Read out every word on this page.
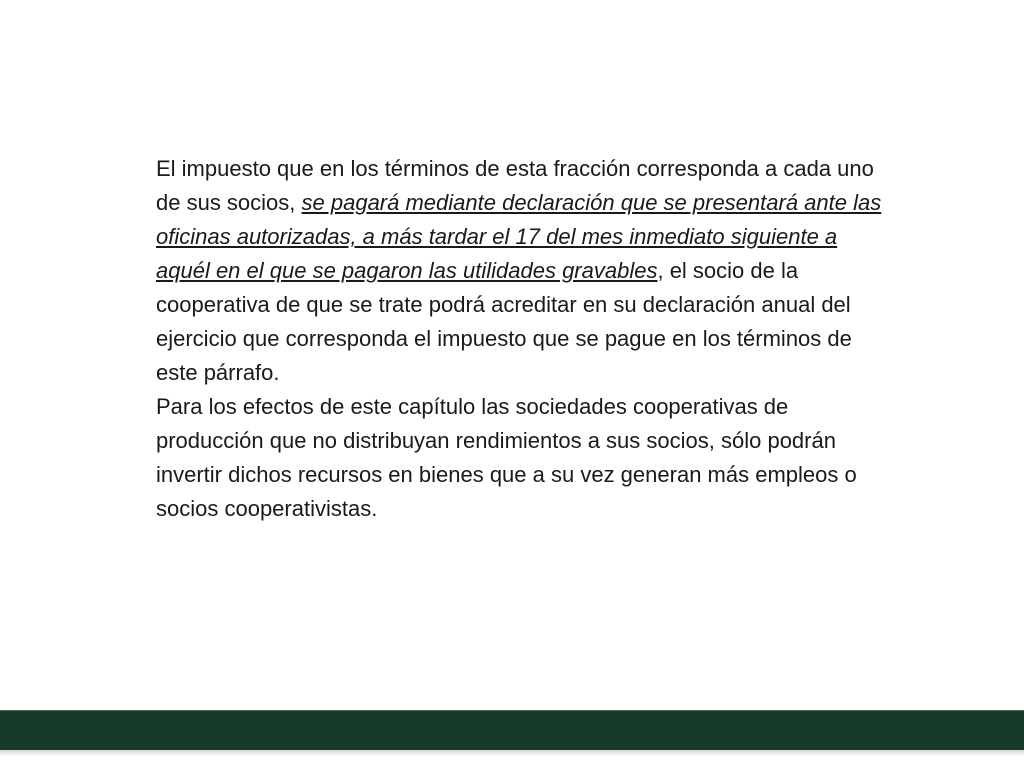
El impuesto que en los términos de esta fracción corresponda a cada uno de sus socios, se pagará mediante declaración que se presentará ante las oficinas autorizadas, a más tardar el 17 del mes inmediato siguiente a aquél en el que se pagaron las utilidades gravables, el socio de la cooperativa de que se trate podrá acreditar en su declaración anual del ejercicio que corresponda el impuesto que se pague en los términos de este párrafo.

Para los efectos de este capítulo las sociedades cooperativas de producción que no distribuyan rendimientos a sus socios, sólo podrán invertir dichos recursos en bienes que a su vez generan más empleos o socios cooperativistas.
